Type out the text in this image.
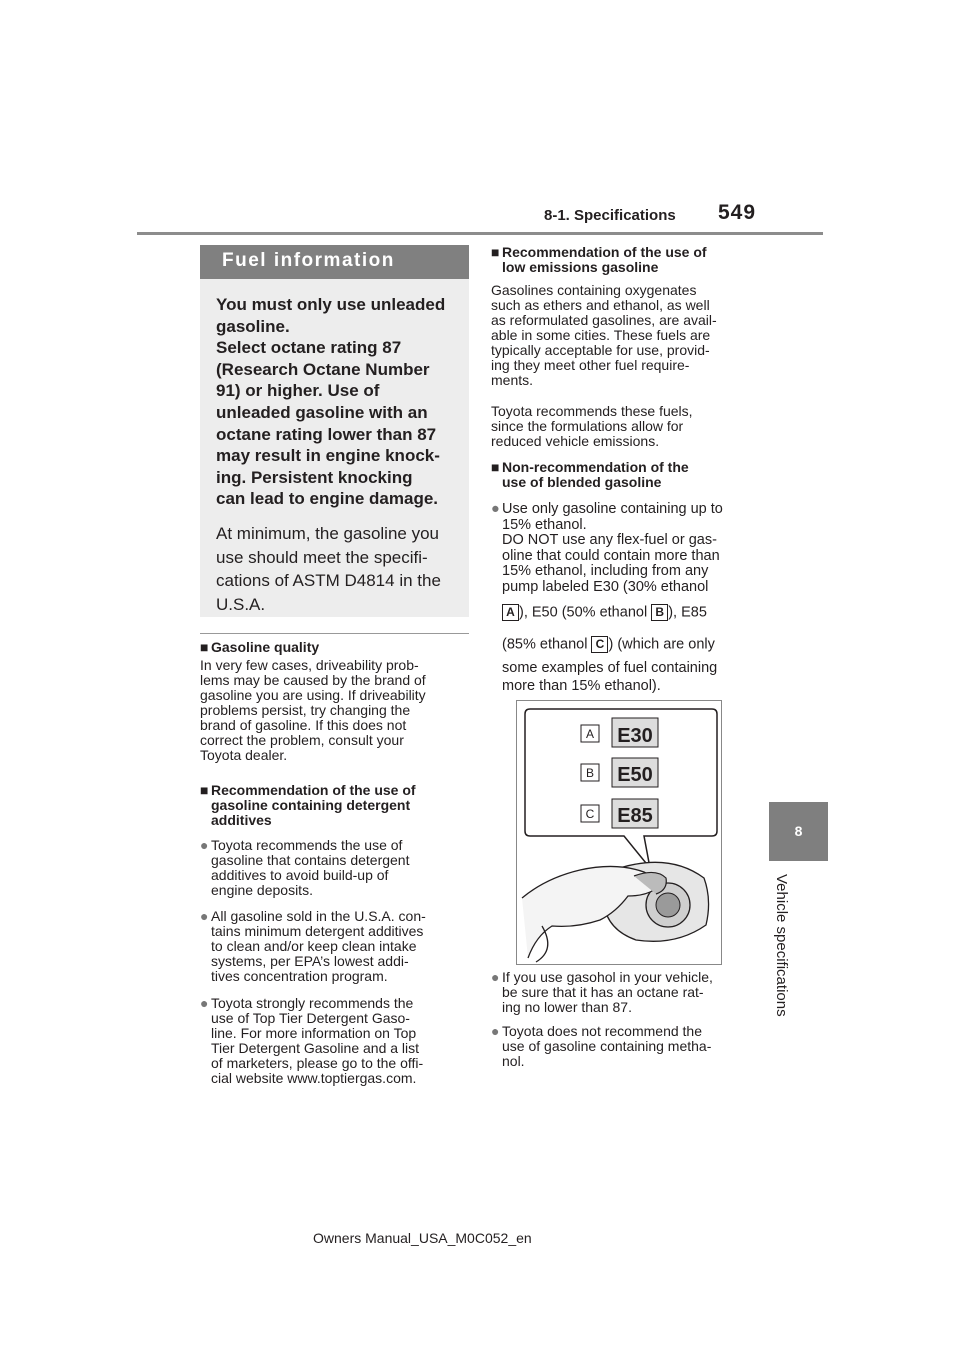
8-1. Specifications 549
8
Vehicle specifications
Fuel information
You must only use unleaded
gasoline.
Select octane rating 87
(Research Octane Number
91) or higher. Use of
unleaded gasoline with an
octane rating lower than 87
may result in engine knock-
ing. Persistent knocking
can lead to engine damage.
At minimum, the gasoline you
use should meet the specifi-
cations of ASTM D4814 in the
U.S.A.
■ Gasoline quality
In very few cases, driveability prob-
lems may be caused by the brand of
gasoline you are using. If driveability
problems persist, try changing the
brand of gasoline. If this does not
correct the problem, consult your
Toyota dealer.
■ Recommendation of the use of
gasoline containing detergent
additives
● Toyota recommends the use of
gasoline that contains detergent
additives to avoid build-up of
engine deposits.
● All gasoline sold in the U.S.A. con-
tains minimum detergent additives
to clean and/or keep clean intake
systems, per EPA’s lowest addi-
tives concentration program.
● Toyota strongly recommends the
use of Top Tier Detergent Gaso-
line. For more information on Top
Tier Detergent Gasoline and a list
of marketers, please go to the offi-
cial website www.toptiergas.com.
■ Recommendation of the use of
low emissions gasoline
Gasolines containing oxygenates
such as ethers and ethanol, as well
as reformulated gasolines, are avail-
able in some cities. These fuels are
typically acceptable for use, provid-
ing they meet other fuel require-
ments.
Toyota recommends these fuels,
since the formulations allow for
reduced vehicle emissions.
■ Non-recommendation of the
use of blended gasoline
● Use only gasoline containing up to
15% ethanol.
DO NOT use any flex-fuel or gas-
oline that could contain more than
15% ethanol, including from any
pump labeled E30 (30% ethanol
A ), E50 (50% ethanol B ), E85
(85% ethanol C ) (which are only
some examples of fuel containing
more than 15% ethanol).
● If you use gasohol in your vehicle,
be sure that it has an octane rat-
ing no lower than 87.
● Toyota does not recommend the
use of gasoline containing metha-
nol.
A E30
B E50
C E85
Owners Manual_USA_M0C052_en
